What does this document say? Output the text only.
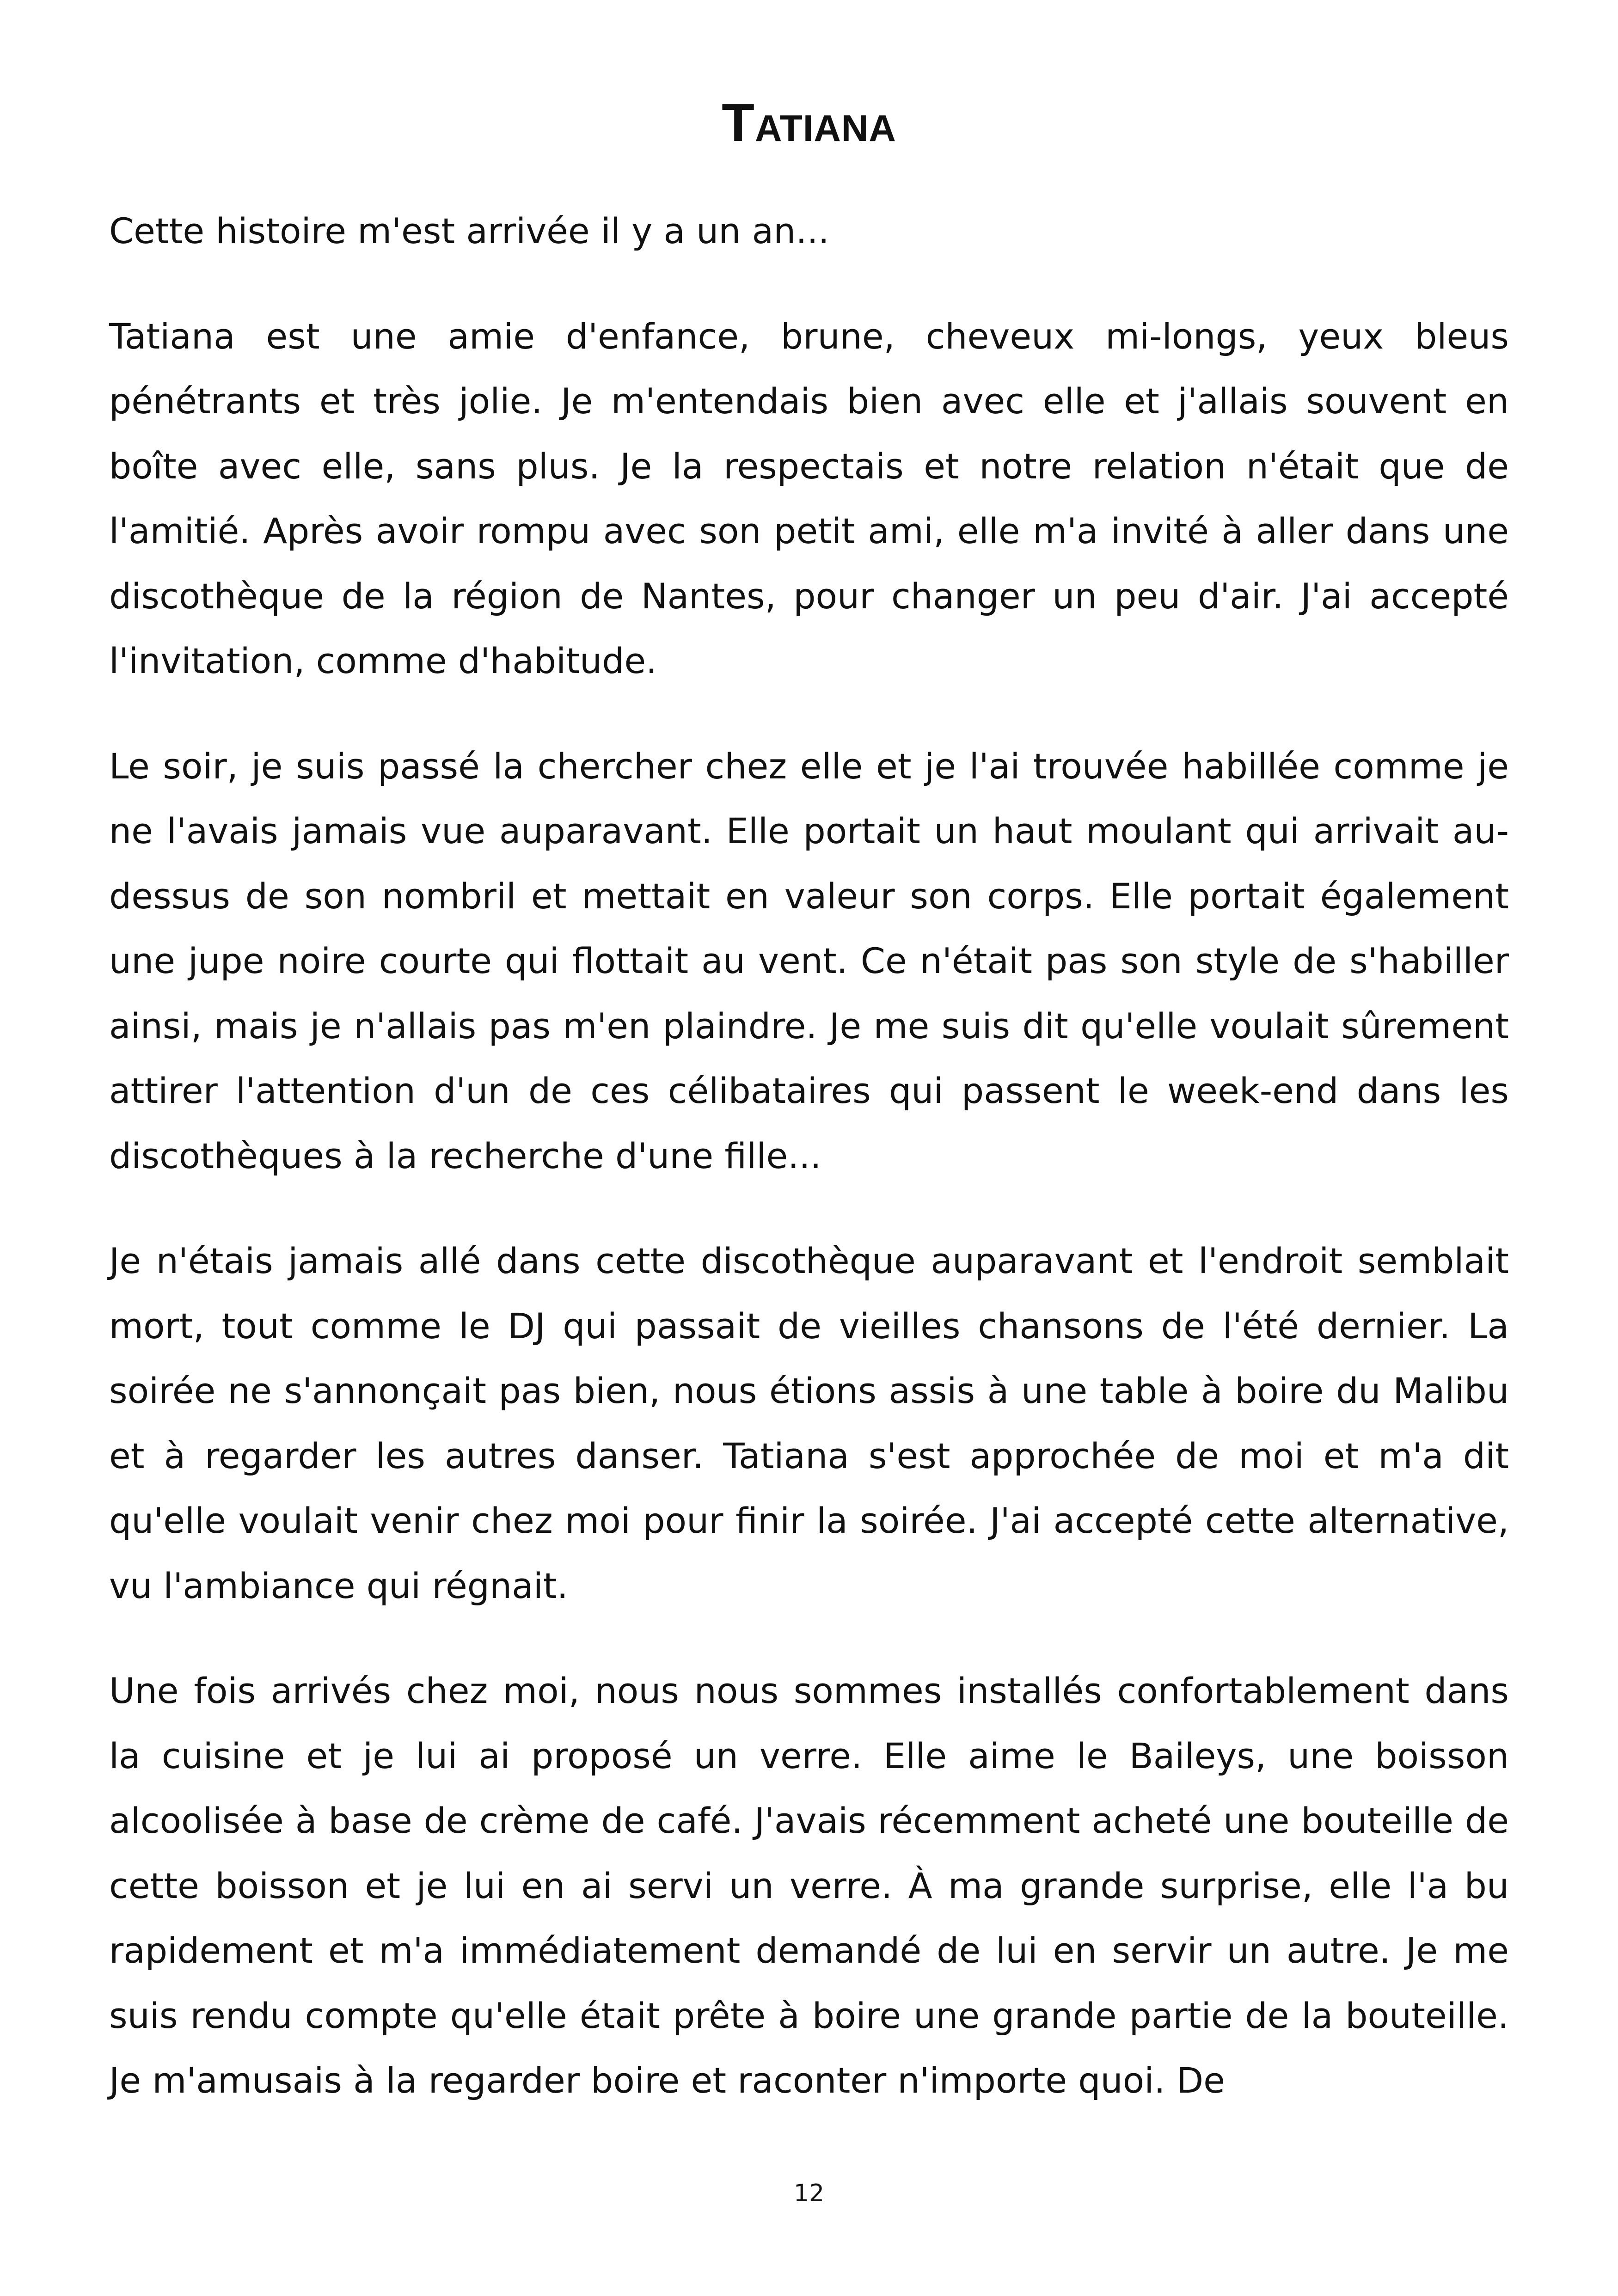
Tatiana

Cette histoire m'est arrivée il y a un an...

Tatiana est une amie d'enfance, brune, cheveux mi-longs, yeux bleus pénétrants et très jolie. Je m'entendais bien avec elle et j'allais souvent en boîte avec elle, sans plus. Je la respectais et notre relation n'était que de l'amitié. Après avoir rompu avec son petit ami, elle m'a invité à aller dans une discothèque de la région de Nantes, pour changer un peu d'air. J'ai accepté l'invitation, comme d'habitude.

Le soir, je suis passé la chercher chez elle et je l'ai trouvée habillée comme je ne l'avais jamais vue auparavant. Elle portait un haut moulant qui arrivait au-dessus de son nombril et mettait en valeur son corps. Elle portait également une jupe noire courte qui flottait au vent. Ce n'était pas son style de s'habiller ainsi, mais je n'allais pas m'en plaindre. Je me suis dit qu'elle voulait sûrement attirer l'attention d'un de ces célibataires qui passent le week-end dans les discothèques à la recherche d'une fille...

Je n'étais jamais allé dans cette discothèque auparavant et l'endroit semblait mort, tout comme le DJ qui passait de vieilles chansons de l'été dernier. La soirée ne s'annonçait pas bien, nous étions assis à une table à boire du Malibu et à regarder les autres danser. Tatiana s'est approchée de moi et m'a dit qu'elle voulait venir chez moi pour finir la soirée. J'ai accepté cette alternative, vu l'ambiance qui régnait.

Une fois arrivés chez moi, nous nous sommes installés confortablement dans la cuisine et je lui ai proposé un verre. Elle aime le Baileys, une boisson alcoolisée à base de crème de café. J'avais récemment acheté une bouteille de cette boisson et je lui en ai servi un verre. À ma grande surprise, elle l'a bu rapidement et m'a immédiatement demandé de lui en servir un autre. Je me suis rendu compte qu'elle était prête à boire une grande partie de la bouteille. Je m'amusais à la regarder boire et raconter n'importe quoi. De

12
